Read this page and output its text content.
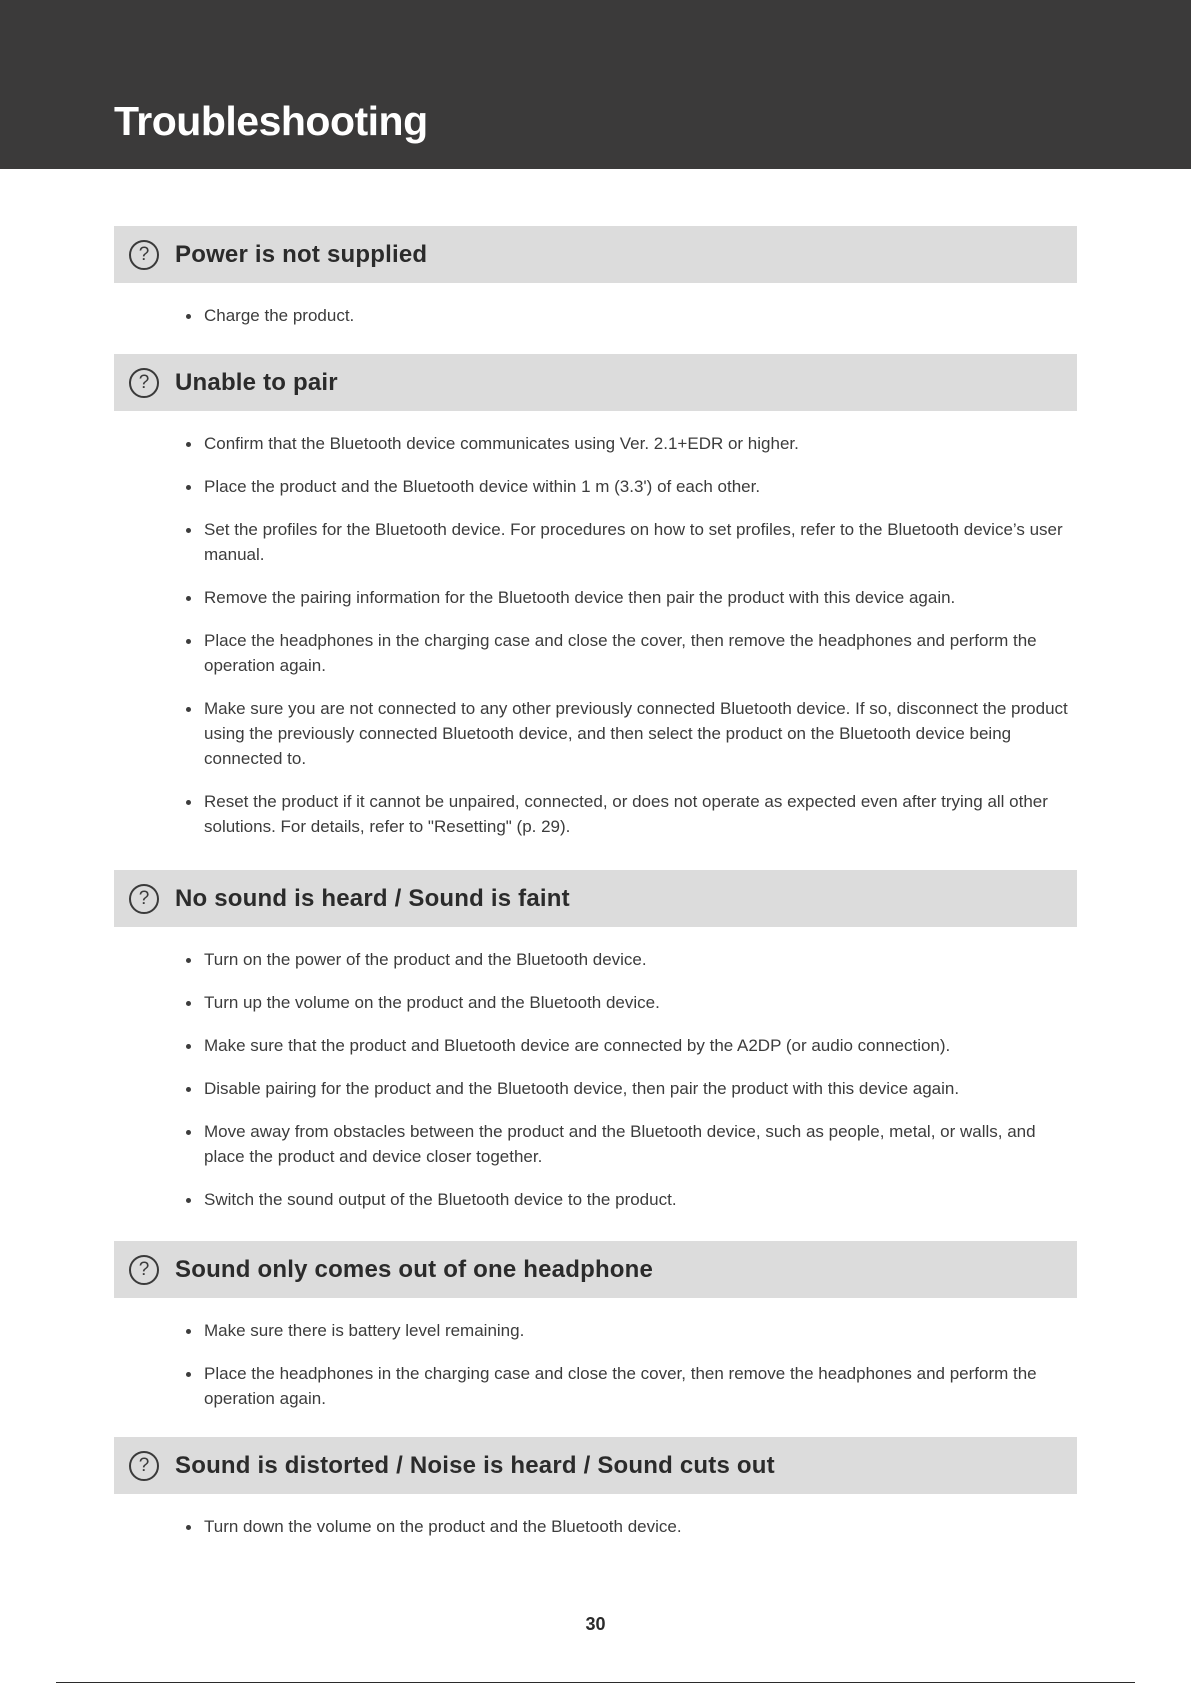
Troubleshooting
?	Power is not supplied
Charge the product.
?	Unable to pair
Confirm that the Bluetooth device communicates using Ver. 2.1+EDR or higher.
Place the product and the Bluetooth device within 1 m (3.3') of each other.
Set the profiles for the Bluetooth device. For procedures on how to set profiles, refer to the Bluetooth device’s user manual.
Remove the pairing information for the Bluetooth device then pair the product with this device again.
Place the headphones in the charging case and close the cover, then remove the headphones and perform the operation again.
Make sure you are not connected to any other previously connected Bluetooth device. If so, disconnect the product using the previously connected Bluetooth device, and then select the product on the Bluetooth device being connected to.
Reset the product if it cannot be unpaired, connected, or does not operate as expected even after trying all other solutions. For details, refer to "Resetting" (p. 29).
?	No sound is heard / Sound is faint
Turn on the power of the product and the Bluetooth device.
Turn up the volume on the product and the Bluetooth device.
Make sure that the product and Bluetooth device are connected by the A2DP (or audio connection).
Disable pairing for the product and the Bluetooth device, then pair the product with this device again.
Move away from obstacles between the product and the Bluetooth device, such as people, metal, or walls, and place the product and device closer together.
Switch the sound output of the Bluetooth device to the product.
?	Sound only comes out of one headphone
Make sure there is battery level remaining.
Place the headphones in the charging case and close the cover, then remove the headphones and perform the operation again.
?	Sound is distorted / Noise is heard / Sound cuts out
Turn down the volume on the product and the Bluetooth device.
30
